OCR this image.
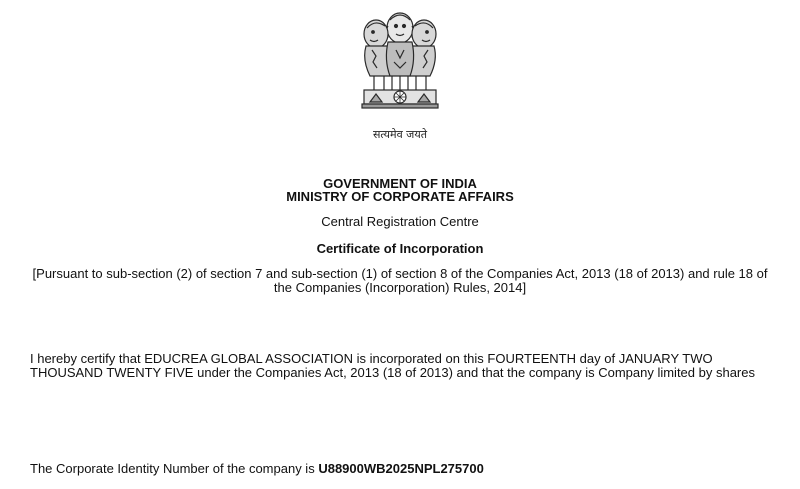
सत्यमेव जयते
GOVERNMENT OF INDIA
MINISTRY OF CORPORATE AFFAIRS
Central Registration Centre
Certificate of Incorporation
[Pursuant to sub-section (2) of section 7 and sub-section (1) of section 8 of the Companies Act, 2013 (18 of 2013) and rule 18 of the Companies (Incorporation) Rules, 2014]
I hereby certify that EDUCREA GLOBAL ASSOCIATION is incorporated on this FOURTEENTH day of JANUARY TWO THOUSAND TWENTY FIVE under the Companies Act, 2013 (18 of 2013) and that the company is Company limited by shares
The Corporate Identity Number of the company is U88900WB2025NPL275700
